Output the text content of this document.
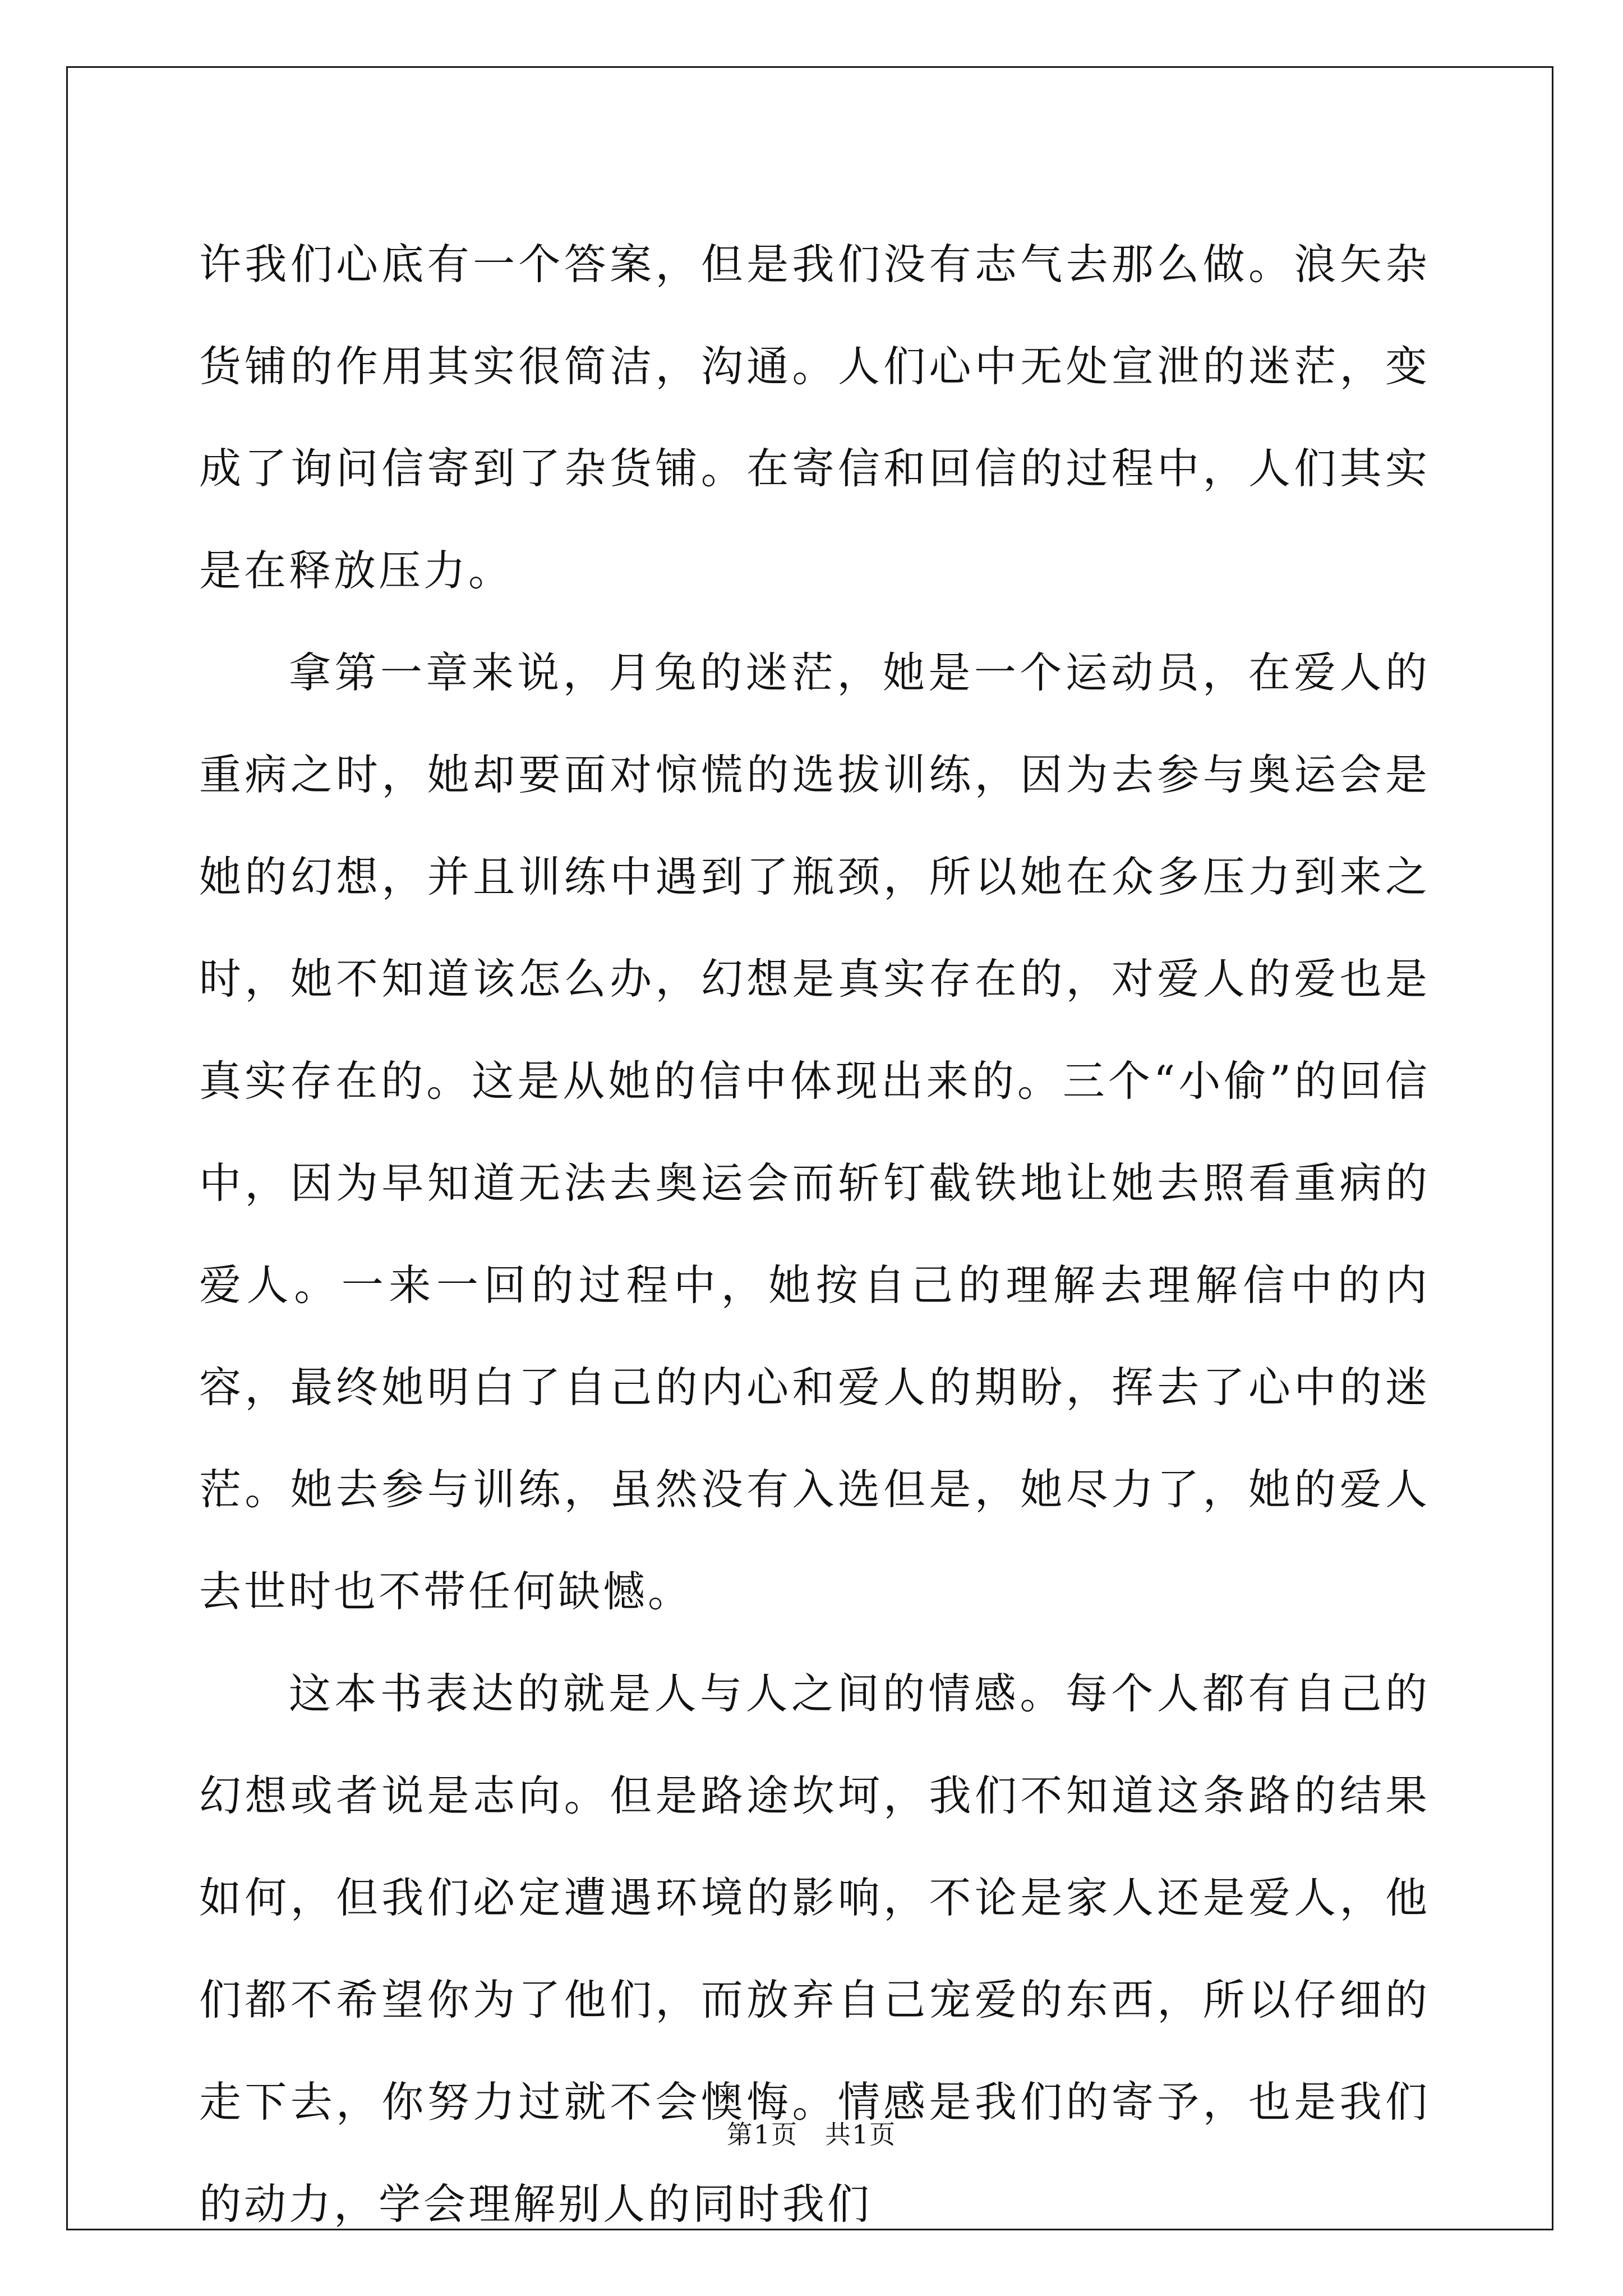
许我们心底有一个答案，但是我们没有志气去那么做。浪矢杂货铺的作用其实很简洁，沟通。人们心中无处宣泄的迷茫，变成了询问信寄到了杂货铺。在寄信和回信的过程中，人们其实是在释放压力。

拿第一章来说，月兔的迷茫，她是一个运动员，在爱人的重病之时，她却要面对惊慌的选拔训练，因为去参与奥运会是她的幻想，并且训练中遇到了瓶颈，所以她在众多压力到来之时，她不知道该怎么办，幻想是真实存在的，对爱人的爱也是真实存在的。这是从她的信中体现出来的。三个“小偷”的回信中，因为早知道无法去奥运会而斩钉截铁地让她去照看重病的爱人。一来一回的过程中，她按自己的理解去理解信中的内容，最终她明白了自己的内心和爱人的期盼，挥去了心中的迷茫。她去参与训练，虽然没有入选但是，她尽力了，她的爱人去世时也不带任何缺憾。

这本书表达的就是人与人之间的情感。每个人都有自己的幻想或者说是志向。但是路途坎坷，我们不知道这条路的结果如何，但我们必定遭遇环境的影响，不论是家人还是爱人，他们都不希望你为了他们，而放弃自己宠爱的东西，所以仔细的走下去，你努力过就不会懊悔。情感是我们的寄予，也是我们的动力，学会理解别人的同时我们

第1页　共1页
